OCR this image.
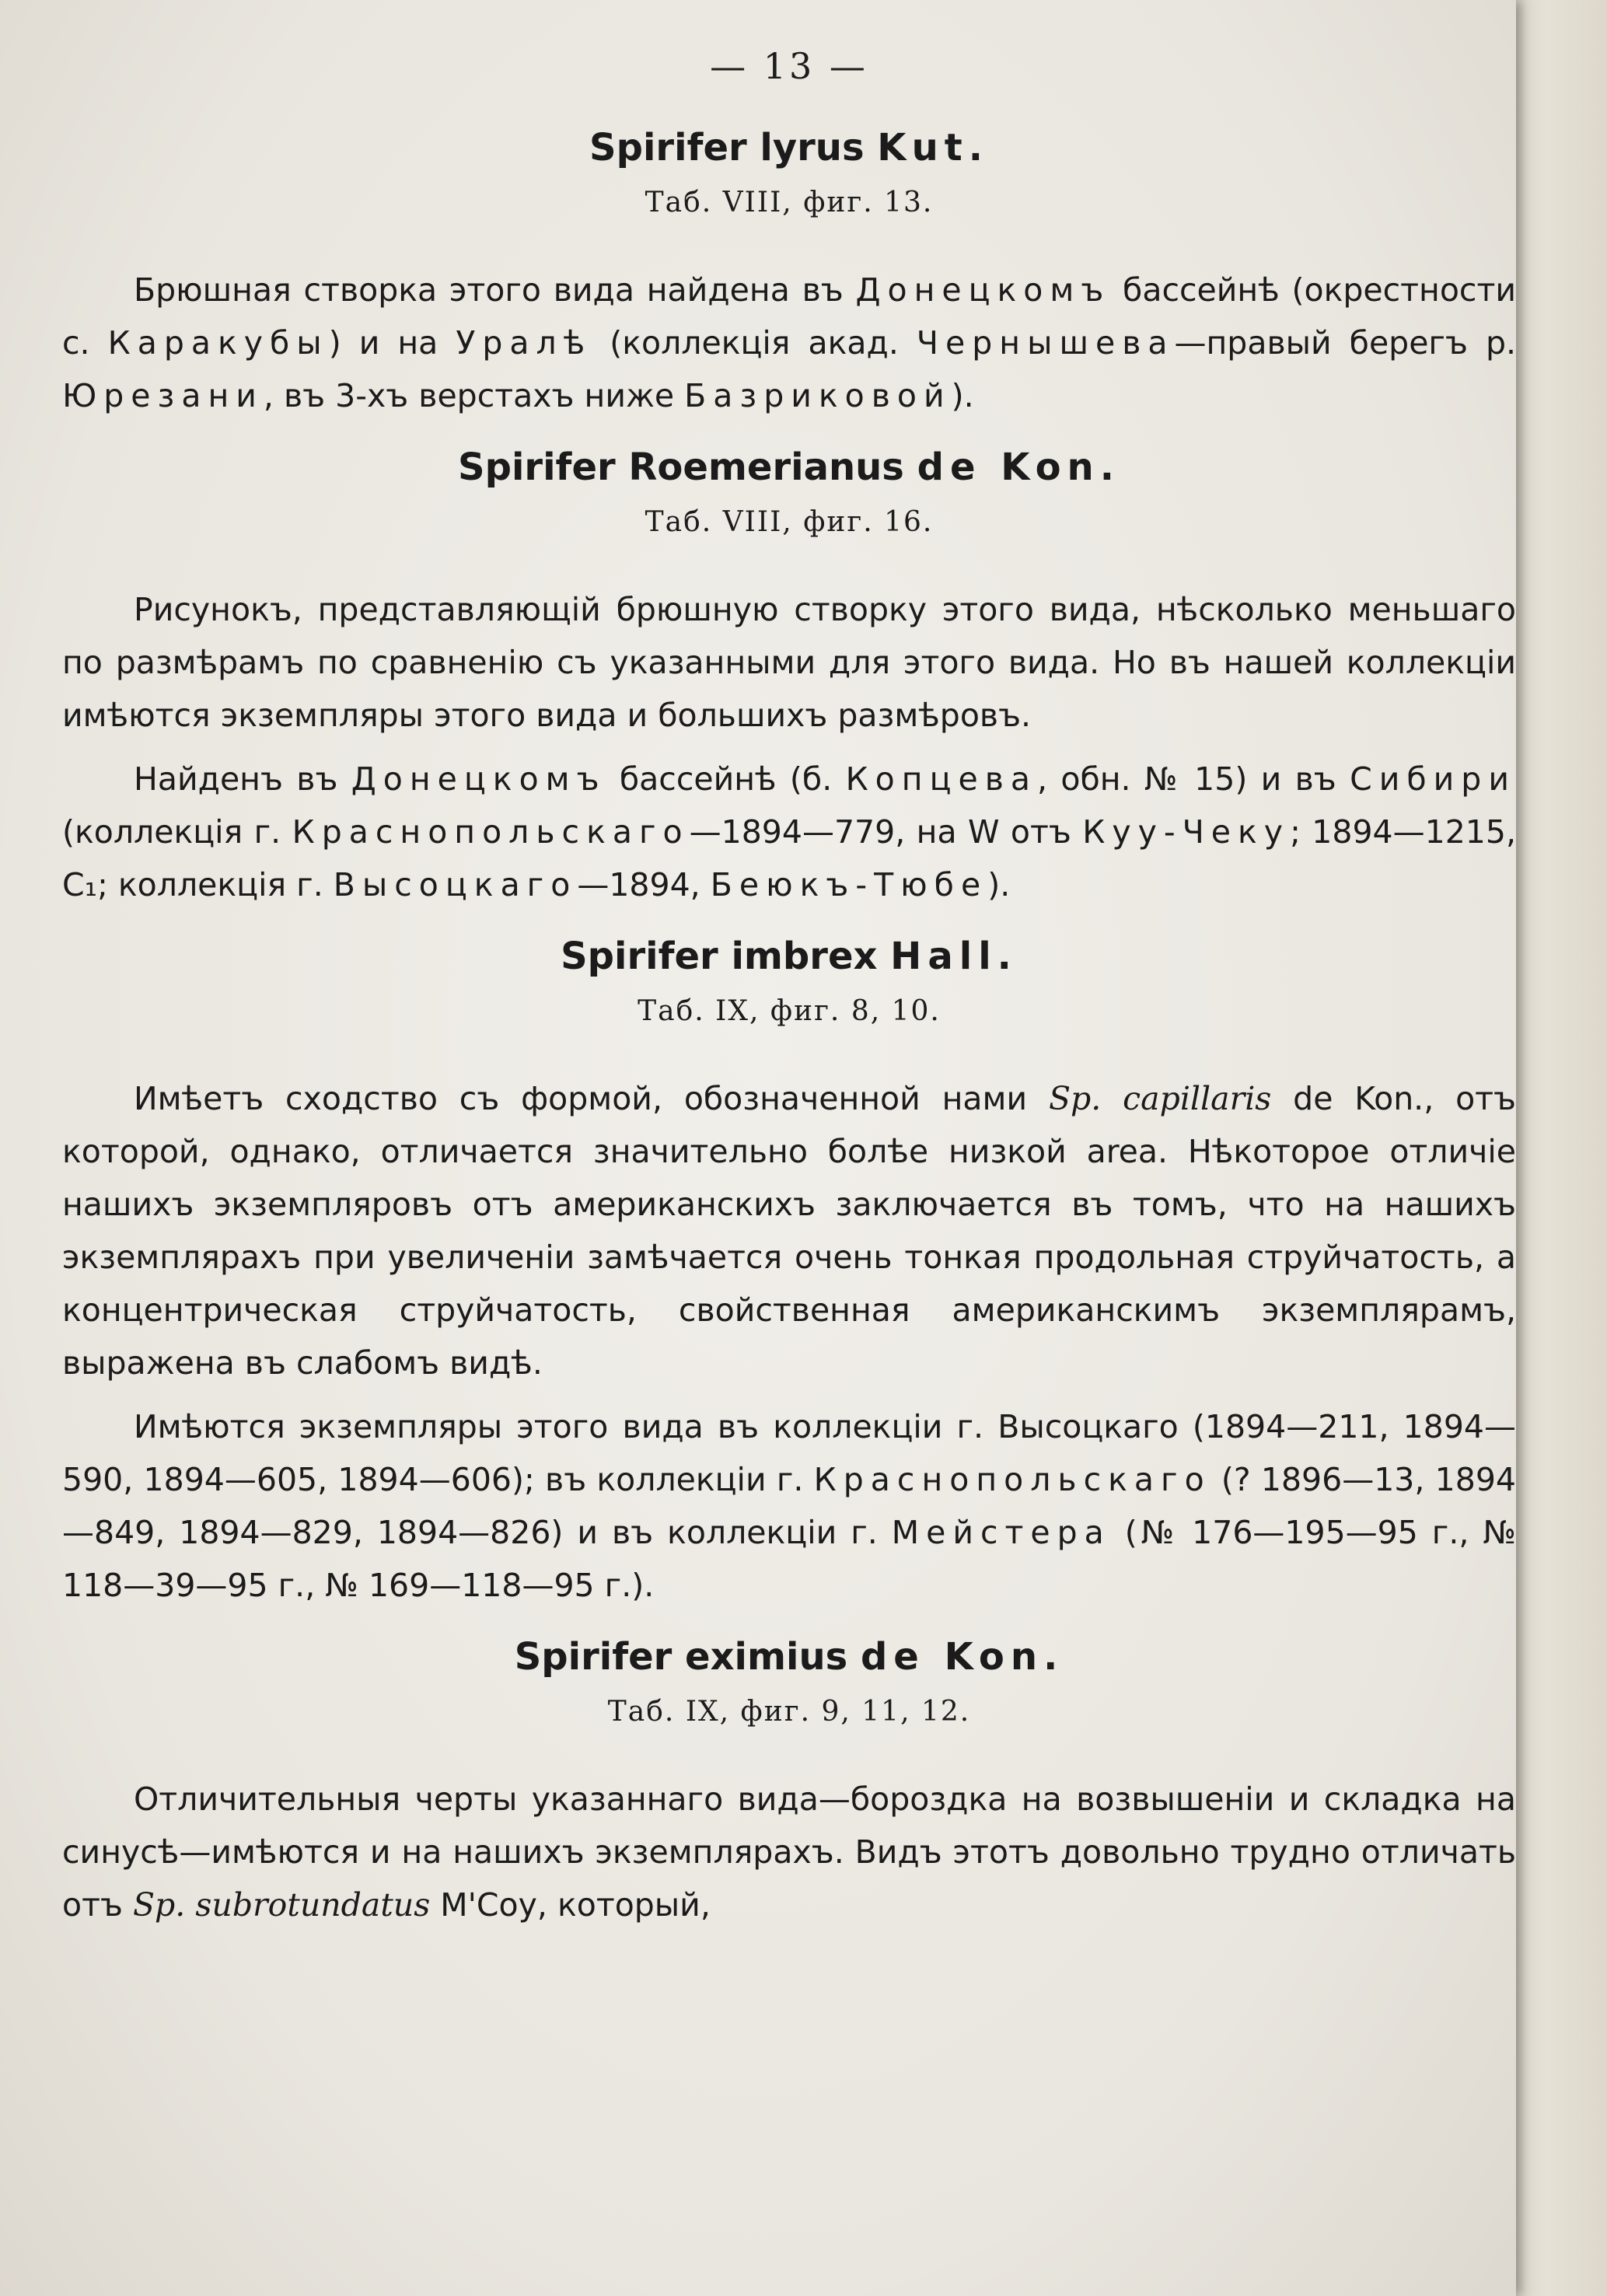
— 13 —
Spirifer lyrus Kut.
Таб. VIII, фиг. 13.

Брюшная створка этого вида найдена въ Донецкомъ бассейнѣ (окрестности с. Каракубы) и на Уралѣ (коллекція акад. Чернышева—правый берегъ р. Юрезани, въ 3-хъ верстахъ ниже Базриковой).

Spirifer Roemerianus de Kon.
Таб. VIII, фиг. 16.

Рисунокъ, представляющій брюшную створку этого вида, нѣсколько меньшаго по размѣрамъ по сравненію съ указанными для этого вида. Но въ нашей коллекціи имѣются экземпляры этого вида и большихъ размѣровъ.

Найденъ въ Донецкомъ бассейнѣ (б. Копцева, обн. № 15) и въ Сибири (коллекція г. Краснопольскаго—1894—779, на W отъ Куу-Чеку; 1894—1215, C₁; коллекція г. Высоцкаго—1894, Беюкъ-Тюбе).

Spirifer imbrex Hall.
Таб. IX, фиг. 8, 10.

Имѣетъ сходство съ формой, обозначенной нами Sp. capillaris de Kon., отъ которой, однако, отличается значительно болѣе низкой area. Нѣкоторое отличіе нашихъ экземпляровъ отъ американскихъ заключается въ томъ, что на нашихъ экземплярахъ при увеличеніи замѣчается очень тонкая продольная струйчатость, а концентрическая струйчатость, свойственная американскимъ экземплярамъ, выражена въ слабомъ видѣ.

Имѣются экземпляры этого вида въ коллекціи г. Высоцкаго (1894—211, 1894—590, 1894—605, 1894—606); въ коллекціи г. Краснопольскаго (? 1896—13, 1894—849, 1894—829, 1894—826) и въ коллекціи г. Мейстера (№ 176—195—95 г., № 118—39—95 г., № 169—118—95 г.).

Spirifer eximius de Kon.
Таб. IX, фиг. 9, 11, 12.

Отличительныя черты указаннаго вида—бороздка на возвышеніи и складка на синусѣ—имѣются и на нашихъ экземплярахъ. Видъ этотъ довольно трудно отличать отъ Sp. subrotundatus M'Coy, который,
